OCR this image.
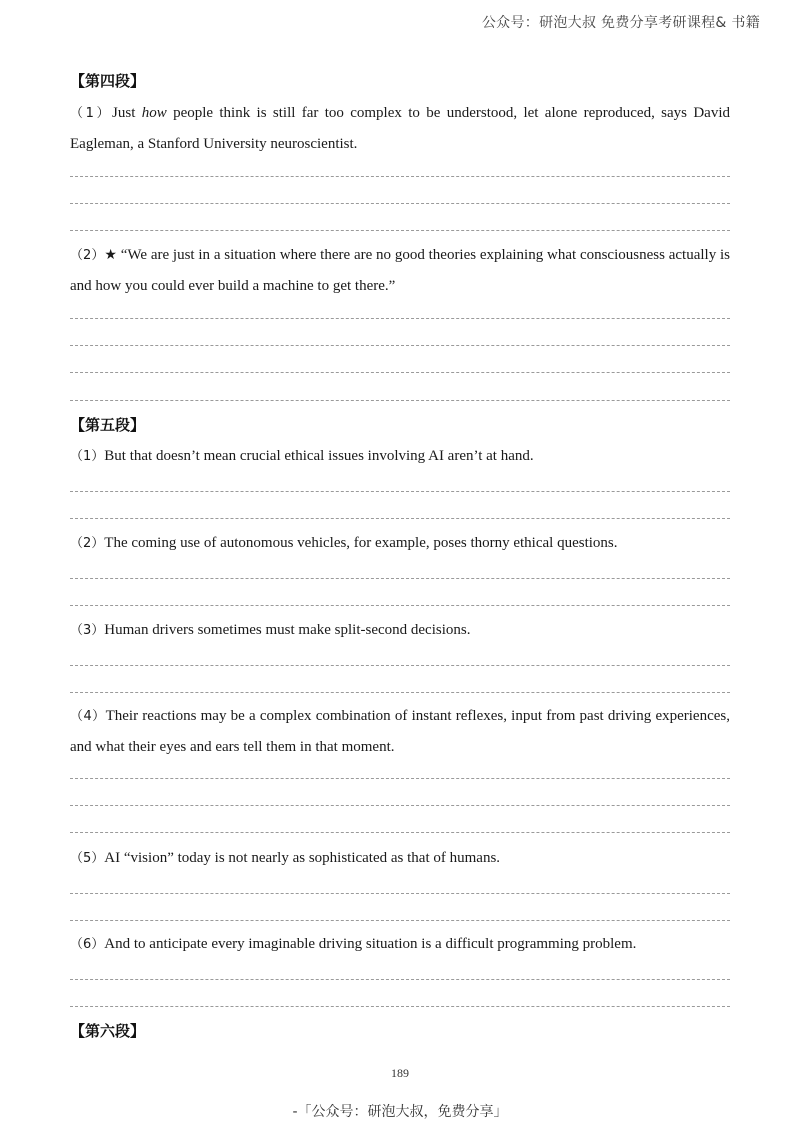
公众号：研泡大叔 免费分享考研课程& 书籍
【第四段】

（1）Just how people think is still far too complex to be understood, let alone reproduced, says David Eagleman, a Stanford University neuroscientist.

（2）★ “We are just in a situation where there are no good theories explaining what consciousness actually is and how you could ever build a machine to get there.”

【第五段】

（1）But that doesn’t mean crucial ethical issues involving AI aren’t at hand.

（2）The coming use of autonomous vehicles, for example, poses thorny ethical questions.

（3）Human drivers sometimes must make split-second decisions.

（4）Their reactions may be a complex combination of instant reflexes, input from past driving experiences, and what their eyes and ears tell them in that moment.

（5）AI “vision” today is not nearly as sophisticated as that of humans.

（6）And to anticipate every imaginable driving situation is a difficult programming problem.

【第六段】
189
-「公众号：研泡大叔，免费分享」
